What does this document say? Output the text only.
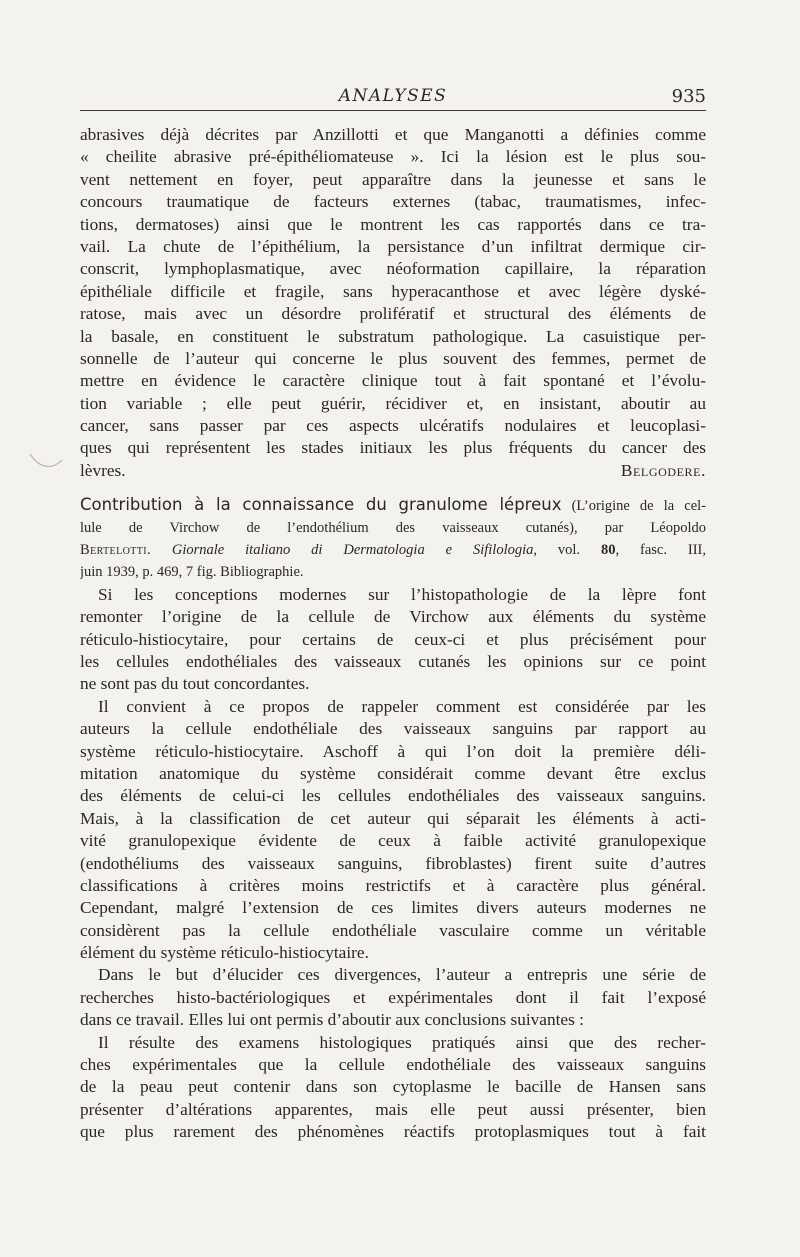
ANALYSES	935
abrasives déjà décrites par Anzillotti et que Manganotti a définies comme
« cheilite abrasive pré-épithéliomateuse ». Ici la lésion est le plus sou-
vent nettement en foyer, peut apparaître dans la jeunesse et sans le
concours traumatique de facteurs externes (tabac, traumatismes, infec-
tions, dermatoses) ainsi que le montrent les cas rapportés dans ce tra-
vail. La chute de l’épithélium, la persistance d’un infiltrat dermique cir-
conscrit, lymphoplasmatique, avec néoformation capillaire, la réparation
épithéliale difficile et fragile, sans hyperacanthose et avec légère dyské-
ratose, mais avec un désordre prolifératif et structural des éléments de
la basale, en constituent le substratum pathologique. La casuistique per-
sonnelle de l’auteur qui concerne le plus souvent des femmes, permet de
mettre en évidence le caractère clinique tout à fait spontané et l’évolu-
tion variable ; elle peut guérir, récidiver et, en insistant, aboutir au
cancer, sans passer par ces aspects ulcératifs nodulaires et leucoplasi-
ques qui représentent les stades initiaux les plus fréquents du cancer des
lèvres.	Belgodere.
Contribution à la connaissance du granulome lépreux (L’origine de la cel-
lule de Virchow de l’endothélium des vaisseaux cutanés), par Léopoldo
Bertelotti. Giornale italiano di Dermatologia e Sifilologia, vol. 80, fasc. III,
juin 1939, p. 469, 7 fig. Bibliographie.
Si les conceptions modernes sur l’histopathologie de la lèpre font
remonter l’origine de la cellule de Virchow aux éléments du système
réticulo-histiocytaire, pour certains de ceux-ci et plus précisément pour
les cellules endothéliales des vaisseaux cutanés les opinions sur ce point
ne sont pas du tout concordantes.
Il convient à ce propos de rappeler comment est considérée par les
auteurs la cellule endothéliale des vaisseaux sanguins par rapport au
système réticulo-histiocytaire. Aschoff à qui l’on doit la première déli-
mitation anatomique du système considérait comme devant être exclus
des éléments de celui-ci les cellules endothéliales des vaisseaux sanguins.
Mais, à la classification de cet auteur qui séparait les éléments à acti-
vité granulopexique évidente de ceux à faible activité granulopexique
(endothéliums des vaisseaux sanguins, fibroblastes) firent suite d’autres
classifications à critères moins restrictifs et à caractère plus général.
Cependant, malgré l’extension de ces limites divers auteurs modernes ne
considèrent pas la cellule endothéliale vasculaire comme un véritable
élément du système réticulo-histiocytaire.
Dans le but d’élucider ces divergences, l’auteur a entrepris une série de
recherches histo-bactériologiques et expérimentales dont il fait l’exposé
dans ce travail. Elles lui ont permis d’aboutir aux conclusions suivantes :
Il résulte des examens histologiques pratiqués ainsi que des recher-
ches expérimentales que la cellule endothéliale des vaisseaux sanguins
de la peau peut contenir dans son cytoplasme le bacille de Hansen sans
présenter d’altérations apparentes, mais elle peut aussi présenter, bien
que plus rarement des phénomènes réactifs protoplasmiques tout à fait
